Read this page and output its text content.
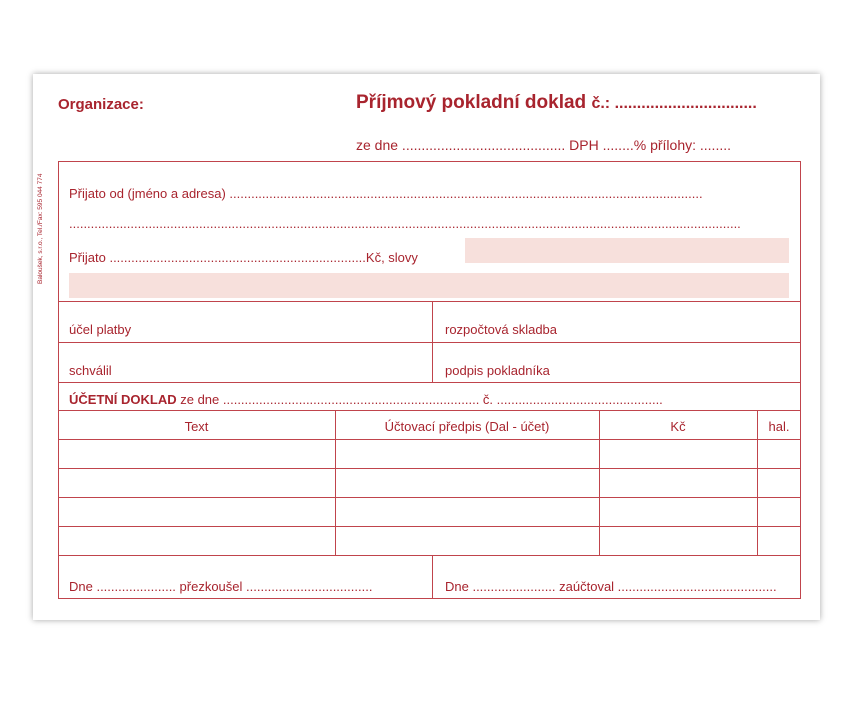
Baloušek, s.r.o., Tel./Fax: 595 044 774
Organizace:	Příjmový pokladní doklad č.: ................................
ze dne .......................................... DPH ........% přílohy: ........
Přijato od (jméno a adresa) ...................................................................................................................................
..........................................................................................................................................................................................
Přijato .......................................................................Kč, slovy
účel platby	rozpočtová skladba
schválil	podpis pokladníka
ÚČETNÍ DOKLAD ze dne ....................................................................... č. ..............................................
Text	Účtovací předpis (Dal - účet)	Kč	hal.
Dne ...................... přezkoušel ...................................	Dne ....................... zaúčtoval ............................................
